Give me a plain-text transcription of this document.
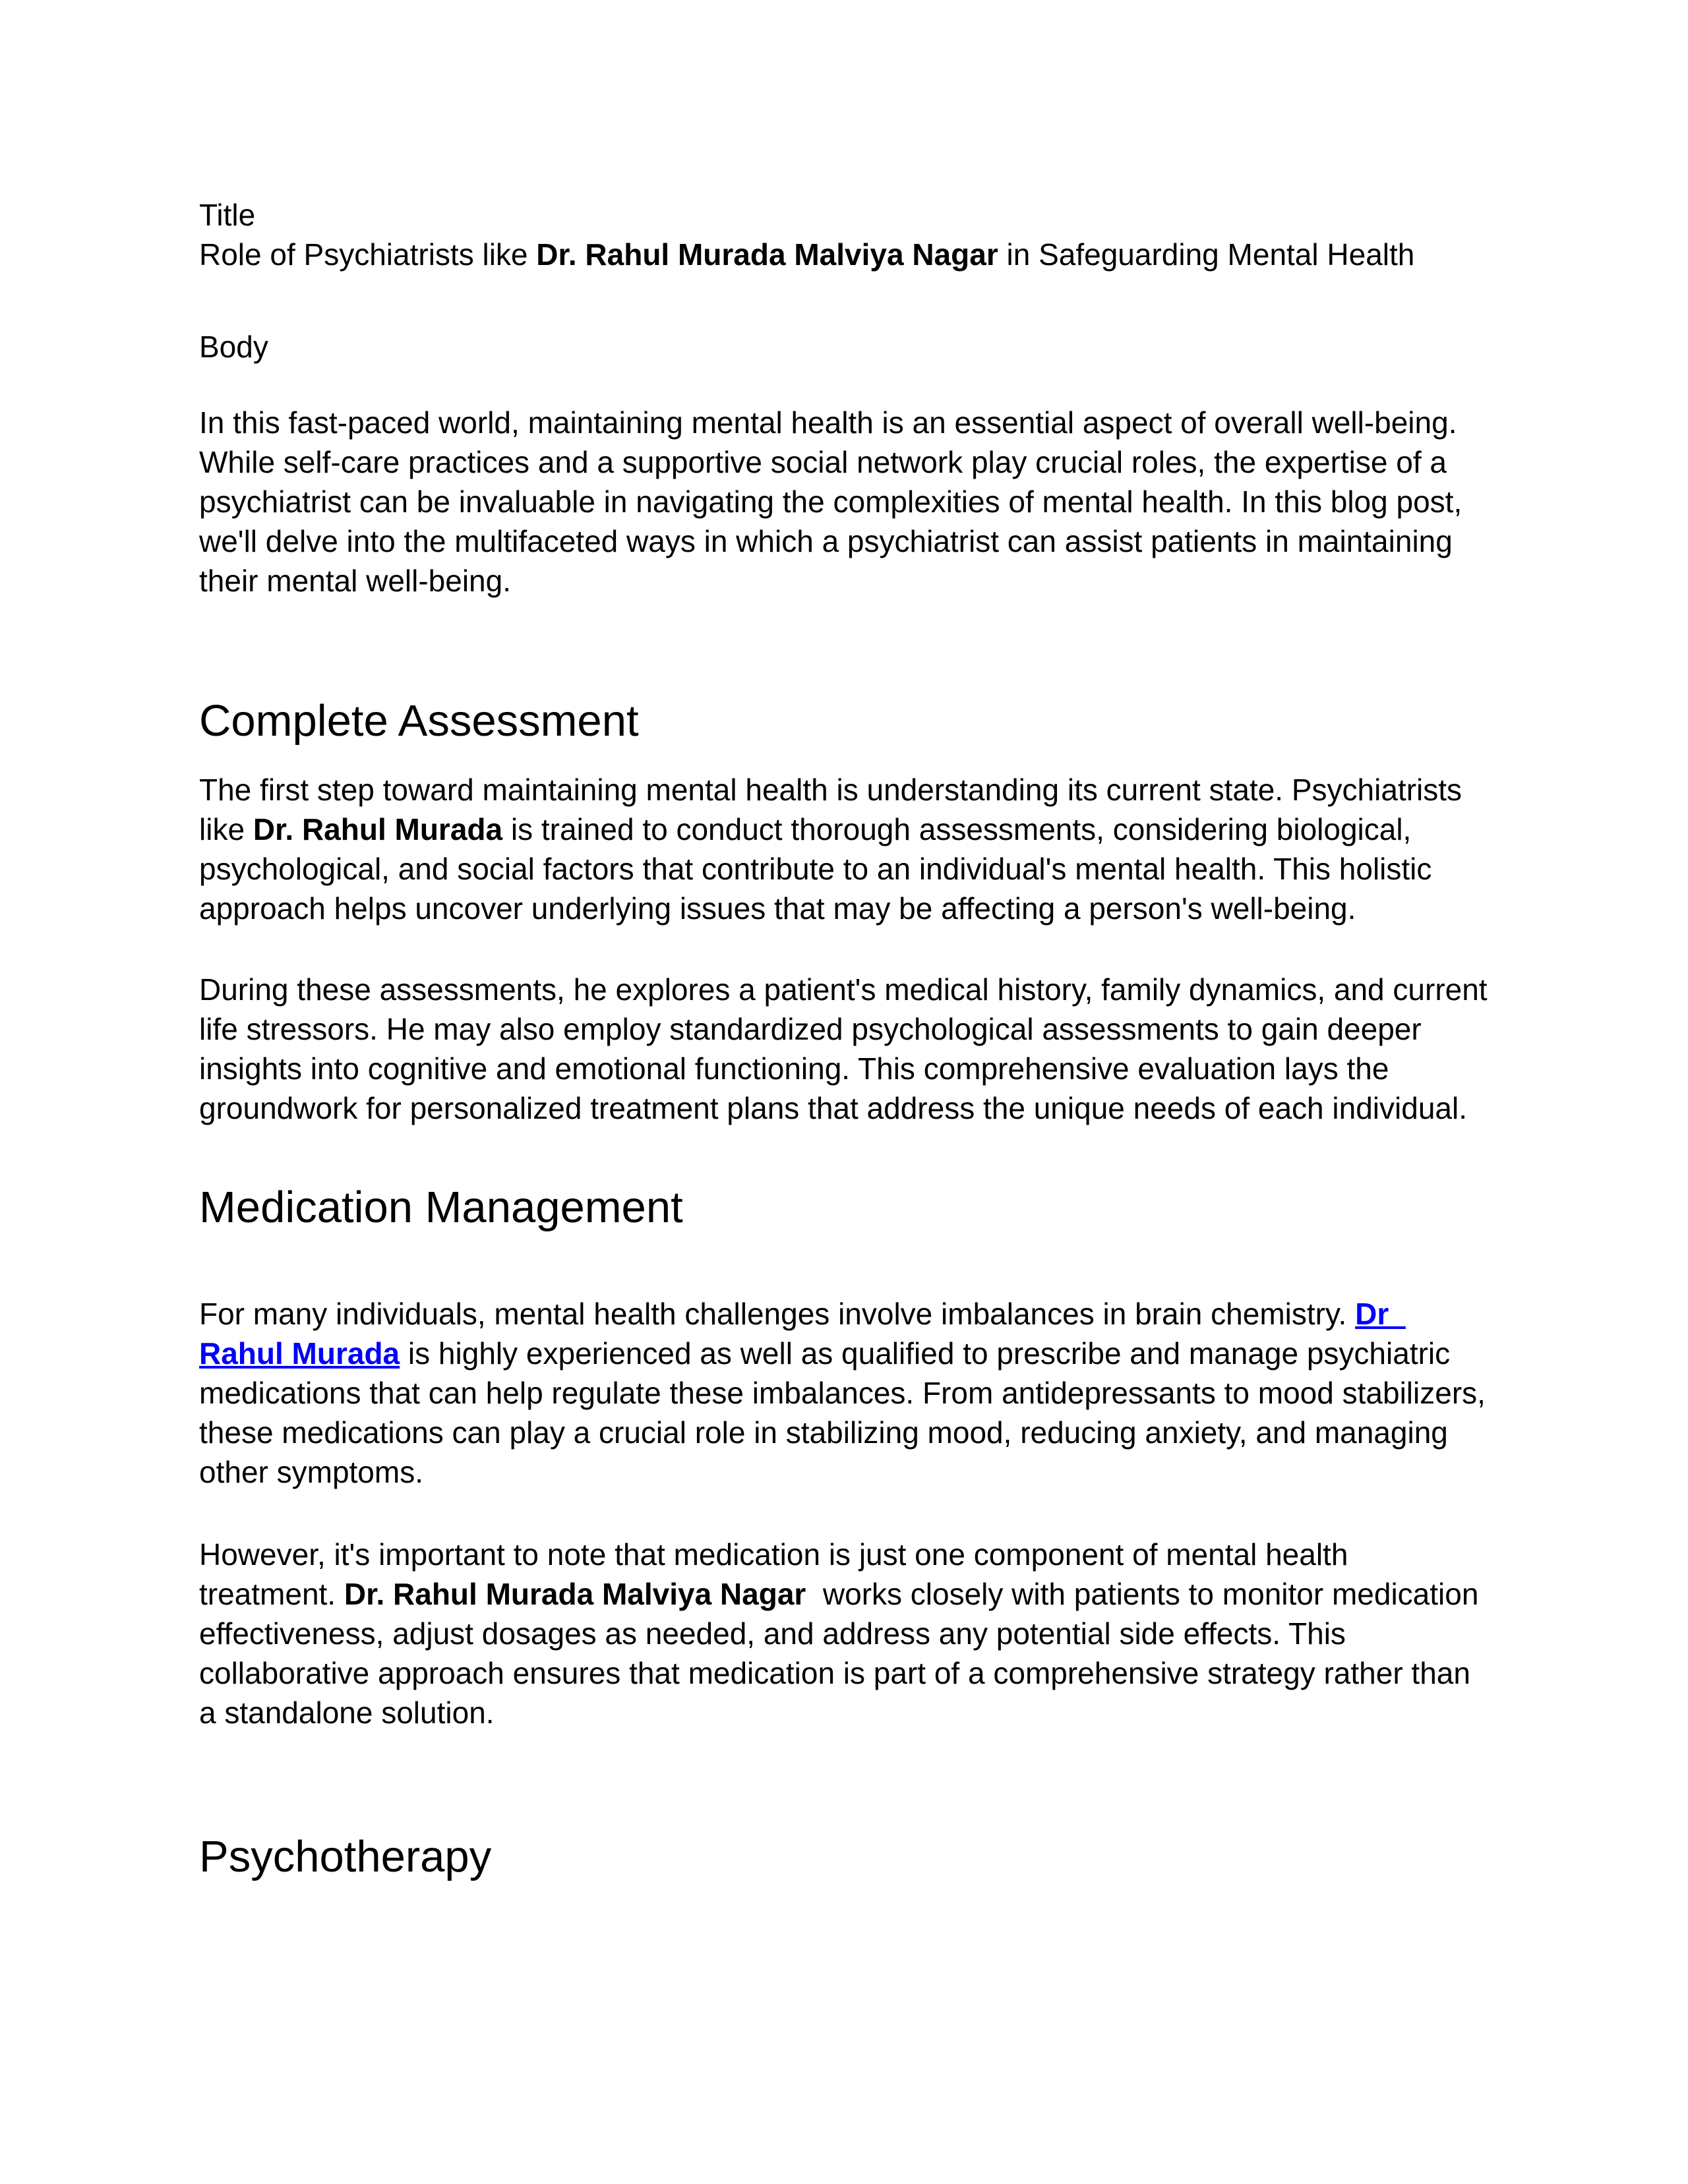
Title

Role of Psychiatrists like Dr. Rahul Murada Malviya Nagar in Safeguarding Mental Health

Body

In this fast-paced world, maintaining mental health is an essential aspect of overall well-being. While self-care practices and a supportive social network play crucial roles, the expertise of a psychiatrist can be invaluable in navigating the complexities of mental health. In this blog post, we'll delve into the multifaceted ways in which a psychiatrist can assist patients in maintaining their mental well-being.

Complete Assessment

The first step toward maintaining mental health is understanding its current state. Psychiatrists like Dr. Rahul Murada is trained to conduct thorough assessments, considering biological, psychological, and social factors that contribute to an individual's mental health. This holistic approach helps uncover underlying issues that may be affecting a person's well-being.

During these assessments, he explores a patient's medical history, family dynamics, and current life stressors. He may also employ standardized psychological assessments to gain deeper insights into cognitive and emotional functioning. This comprehensive evaluation lays the groundwork for personalized treatment plans that address the unique needs of each individual.

Medication Management

For many individuals, mental health challenges involve imbalances in brain chemistry. Dr  Rahul Murada is highly experienced as well as qualified to prescribe and manage psychiatric medications that can help regulate these imbalances. From antidepressants to mood stabilizers, these medications can play a crucial role in stabilizing mood, reducing anxiety, and managing other symptoms.

However, it's important to note that medication is just one component of mental health treatment. Dr. Rahul Murada Malviya Nagar  works closely with patients to monitor medication effectiveness, adjust dosages as needed, and address any potential side effects. This collaborative approach ensures that medication is part of a comprehensive strategy rather than a standalone solution.

Psychotherapy
